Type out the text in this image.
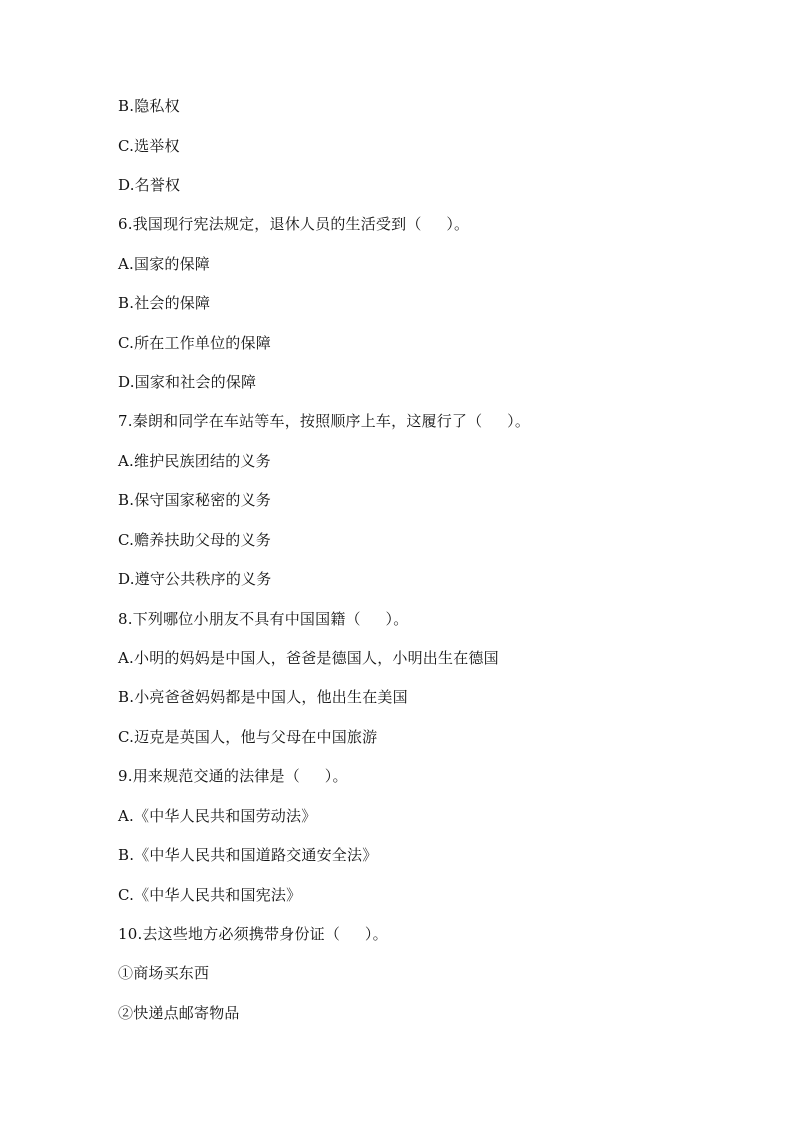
B.隐私权
C.选举权
D.名誉权
6.我国现行宪法规定，退休人员的生活受到（     ）。
A.国家的保障
B.社会的保障
C.所在工作单位的保障
D.国家和社会的保障
7.秦朗和同学在车站等车，按照顺序上车，这履行了（     ）。
A.维护民族团结的义务
B.保守国家秘密的义务
C.赡养扶助父母的义务
D.遵守公共秩序的义务
8.下列哪位小朋友不具有中国国籍（     ）。
A.小明的妈妈是中国人，爸爸是德国人，小明出生在德国
B.小亮爸爸妈妈都是中国人，他出生在美国
C.迈克是英国人，他与父母在中国旅游
9.用来规范交通的法律是（     ）。
A.《中华人民共和国劳动法》
B.《中华人民共和国道路交通安全法》
C.《中华人民共和国宪法》
10.去这些地方必须携带身份证（     ）。
①商场买东西
②快递点邮寄物品
